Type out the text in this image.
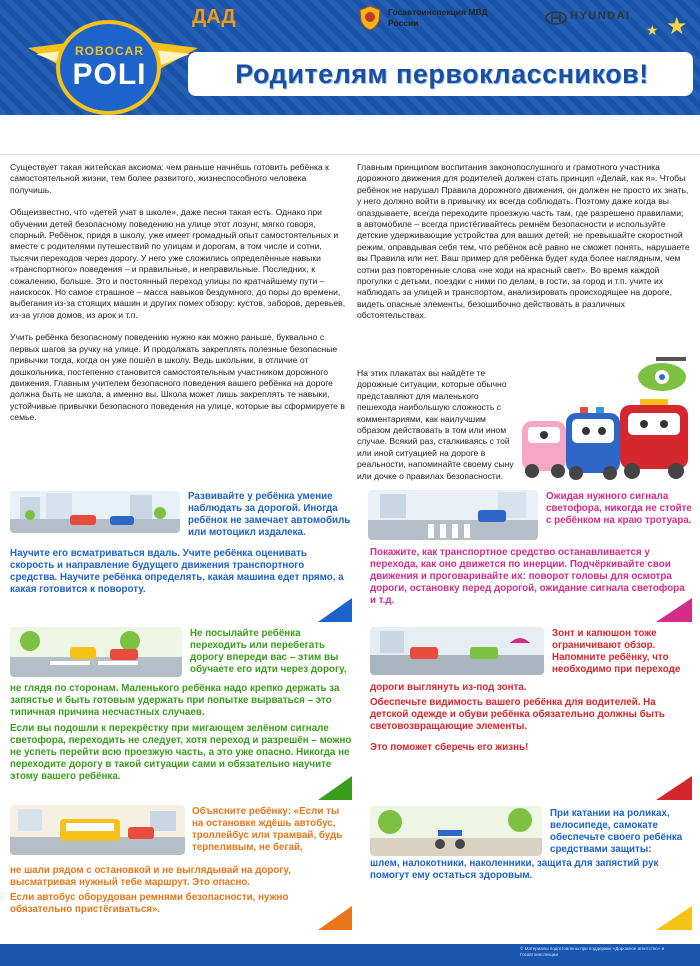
★ ★
ROBOCAR
POLI	Родителям первоклассников!
ДАД	Госавтоинспекция МВД России
HYUNDAI

Существует такая житейская аксиома: чем раньше начнёшь готовить ребёнка к самостоятельной жизни, тем более развитого, жизнеспособного человека получишь.

Общеизвестно, что «детей учат в школе», даже песня такая есть. Однако при обучении детей безопасному поведению на улице этот лозунг, мягко говоря, спорный. Ребёнок, придя в школу, уже имеет громадный опыт самостоятельных и вместе с родителями путешествий по улицам и дорогам, в том числе и сотни, тысячи переходов через дорогу. У него уже сложились определённые навыки «транспортного» поведения – и правильные, и неправильные. Последних, к сожалению, больше. Это и постоянный переход улицы по кратчайшему пути – наискосок. Но самое страшное – масса навыков бездумного, до поры до времени, выбегания из-за стоящих машин и других помех обзору: кустов, заборов, деревьев, из-за углов домов, из арок и т.п.

Учить ребёнка безопасному поведению нужно как можно раньше, буквально с первых шагов за ручку на улице. И продолжать закреплять полезные безопасные привычки тогда, когда он уже пошёл в школу. Ведь школьник, в отличие от дошкольника, постепенно становится самостоятельным участником дорожного движения. Главным учителем безопасного поведения вашего ребёнка на дороге должна быть не школа, а именно вы. Школа может лишь закреплять те навыки, устойчивые привычки безопасного поведения на улице, которые вы сформируете в семье.

Главным принципом воспитания законопослушного и грамотного участника дорожного движения для родителей должен стать принцип «Делай, как я». Чтобы ребёнок не нарушал Правила дорожного движения, он должен не просто их знать, у него должно войти в привычку их всегда соблюдать. Поэтому даже когда вы опаздываете, всегда переходите проезжую часть там, где разрешено правилами; в автомобиле – всегда пристёгивайтесь ремнём безопасности и используйте детские удерживающие устройства для ваших детей; не превышайте скоростной режим, оправдывая себя тем, что ребёнок всё равно не сможет понять, нарушаете вы Правила или нет. Ваш пример для ребёнка будет куда более наглядным, чем сотни раз повторенные слова «не ходи на красный свет». Во время каждой прогулки с детьми, поездки с ними по делам, в гости, за город и т.п. учите их наблюдать за улицей и транспортом, анализировать происходящее на дороге, видеть опасные элементы, безошибочно действовать в различных обстоятельствах.

На этих плакатах вы найдёте те дорожные ситуации, которые обычно представляют для маленького пешехода наибольшую сложность с комментариями, как наилучшим образом действовать в том или ином случае. Всякий раз, сталкиваясь с той или иной ситуацией на дороге в реальности, напоминайте своему сыну или дочке о правилах безопасности.

Развивайте у ребёнка умение наблюдать за дорогой. Иногда ребёнок не замечает автомобиль или мотоцикл издалека.
Научите его всматриваться вдаль. Учите ребёнка оценивать скорость и направление будущего движения транспортного средства. Научите ребёнка определять, какая машина едет прямо, а какая готовится к повороту.
Не посылайте ребёнка переходить или перебегать дорогу впереди вас – этим вы обучаете его идти через дорогу,
не глядя по сторонам. Маленького ребёнка надо крепко держать за запястье и быть готовым удержать при попытке вырваться – это типичная причина несчастных случаев.
Если вы подошли к перекрёстку при мигающем зелёном сигнале светофора, переходить не следует, хотя переход и разрешён – можно не успеть перейти всю проезжую часть, а это уже опасно. Никогда не переходите дорогу в такой ситуации сами и обязательно научите этому вашего ребёнка.
Объясните ребёнку: «Если ты на остановке ждёшь автобус, троллейбус или трамвай, будь терпеливым, не бегай,
не шали рядом с остановкой и не выглядывай на дорогу, высматривая нужный тебе маршрут. Это опасно.
Если автобус оборудован ремнями безопасности, нужно обязательно пристёгиваться».
Ожидая нужного сигнала светофора, никогда не стойте с ребёнком на краю тротуара.
Покажите, как транспортное средство останавливается у перехода, как оно движется по инерции. Подчёркивайте свои движения и проговаривайте их: поворот головы для осмотра дороги, остановку перед дорогой, ожидание сигнала светофора и т.д.
Зонт и капюшон тоже ограничивают обзор. Напомните ребёнку, что необходимо при переходе
дороги выглянуть из-под зонта.
Обеспечьте видимость вашего ребёнка для водителей. На детской одежде и обуви ребёнка обязательно должны быть световозвращающие элементы.
Это поможет сберечь его жизнь!
При катании на роликах, велосипеде, самокате обеспечьте своего ребёнка средствами защиты:
шлем, налокотники, наколенники, защита для запястий рук помогут ему остаться здоровым.
© Материалы подготовлены при поддержке «Дорожное агентство» и Госавтоинспекции
